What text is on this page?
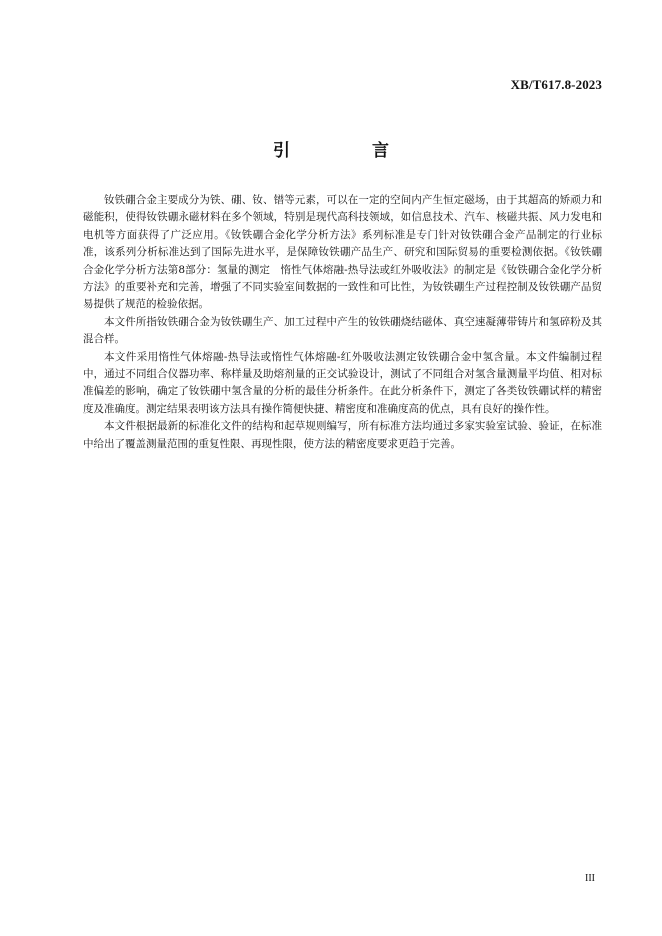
XB/T617.8-2023
引 言

钕铁硼合金主要成分为铁、硼、钕、镨等元素，可以在一定的空间内产生恒定磁场，由于其超高的矫顽力和磁能积，使得钕铁硼永磁材料在多个领域，特别是现代高科技领域，如信息技术、汽车、核磁共振、风力发电和电机等方面获得了广泛应用。《钕铁硼合金化学分析方法》系列标准是专门针对钕铁硼合金产品制定的行业标准，该系列分析标准达到了国际先进水平，是保障钕铁硼产品生产、研究和国际贸易的重要检测依据。《钕铁硼合金化学分析方法第8部分：氢量的测定　惰性气体熔融-热导法或红外吸收法》的制定是《钕铁硼合金化学分析方法》的重要补充和完善，增强了不同实验室间数据的一致性和可比性，为钕铁硼生产过程控制及钕铁硼产品贸易提供了规范的检验依据。

本文件所指钕铁硼合金为钕铁硼生产、加工过程中产生的钕铁硼烧结磁体、真空速凝薄带铸片和氢碎粉及其混合样。

本文件采用惰性气体熔融-热导法或惰性气体熔融-红外吸收法测定钕铁硼合金中氢含量。本文件编制过程中，通过不同组合仪器功率、称样量及助熔剂量的正交试验设计，测试了不同组合对氢含量测量平均值、相对标准偏差的影响，确定了钕铁硼中氢含量的分析的最佳分析条件。在此分析条件下，测定了各类钕铁硼试样的精密度及准确度。测定结果表明该方法具有操作简便快捷、精密度和准确度高的优点，具有良好的操作性。

本文件根据最新的标准化文件的结构和起草规则编写，所有标准方法均通过多家实验室试验、验证，在标准中给出了覆盖测量范围的重复性限、再现性限，使方法的精密度要求更趋于完善。

III
